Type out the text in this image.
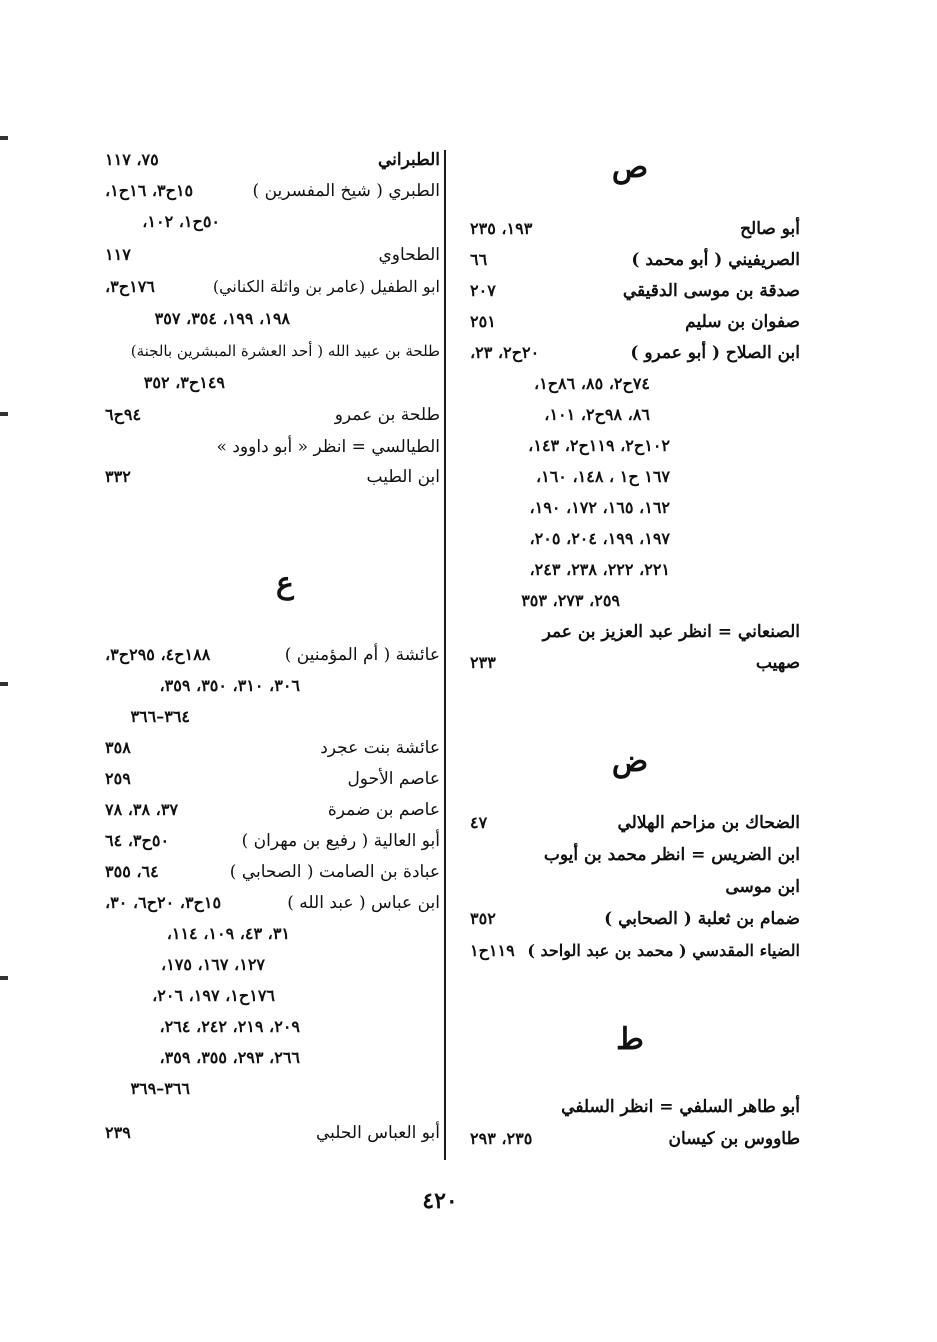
ص
أبو صالح
١٩٣، ٢٣٥
الصريفيني ( أبو محمد )
٦٦
صدقة بن موسى الدقيقي
٢٠٧
صفوان بن سليم
٢٥١
ابن الصلاح ( أبو عمرو )
٢٠ح٢، ٢٣،
٧٤ح٢، ٨٥، ٨٦ح١،
٨٦، ٩٨ح٢، ١٠١،
١٠٢ح٢، ١١٩ح٢، ١٤٣،
١٦٧ ح١ ، ١٤٨، ١٦٠،
١٦٢، ١٦٥، ١٧٢، ١٩٠،
١٩٧، ١٩٩، ٢٠٤، ٢٠٥،
٢٢١، ٢٢٢، ٢٣٨، ٢٤٣،
٢٥٩، ٢٧٣، ٣٥٣
الصنعاني = انظر عبد العزيز بن عمر
صهيب
٢٣٣
ض
الضحاك بن مزاحم الهلالي
٤٧
ابن الضريس = انظر محمد بن أيوب
ابن موسى
ضمام بن ثعلبة ( الصحابي )
٣٥٢
الضياء المقدسي ( محمد بن عبد الواحد )
١١٩ح١
ط
أبو طاهر السلفي = انظر السلفي
طاووس بن كيسان
٢٣٥، ٢٩٣
الطبراني
٧٥، ١١٧
الطبري ( شيخ المفسرين )
١٥ح٣، ١٦ح١،
٥٠ح١، ١٠٢،
الطحاوي
١١٧
ابو الطفيل (عامر بن واثلة الكناني)
١٧٦ح٣،
١٩٨، ١٩٩، ٣٥٤، ٣٥٧
طلحة بن عبيد الله ( أحد العشرة المبشرين بالجنة)
١٤٩ح٣، ٣٥٢
طلحة بن عمرو
٩٤ح٦
الطيالسي = انظر « أبو داوود »
ابن الطيب
٣٣٢
ع
عائشة ( أم المؤمنين )
١٨٨ح٤، ٢٩٥ح٣،
٣٠٦، ٣١٠، ٣٥٠، ٣٥٩،
٣٦٤–٣٦٦
عائشة بنت عجرد
٣٥٨
عاصم الأحول
٢٥٩
عاصم بن ضمرة
٣٧، ٣٨، ٧٨
أبو العالية ( رفيع بن مهران )
٥٠ح٣، ٦٤
عبادة بن الصامت ( الصحابي )
٦٤، ٣٥٥
ابن عباس ( عبد الله )
١٥ح٣، ٢٠ح٦، ٣٠،
٣١، ٤٣، ١٠٩، ١١٤،
١٢٧، ١٦٧، ١٧٥،
١٧٦ح١، ١٩٧، ٢٠٦،
٢٠٩، ٢١٩، ٢٤٢، ٢٦٤،
٢٦٦، ٢٩٣، ٣٥٥، ٣٥٩،
٣٦٦–٣٦٩
أبو العباس الحلبي
٢٣٩
٤٢٠
